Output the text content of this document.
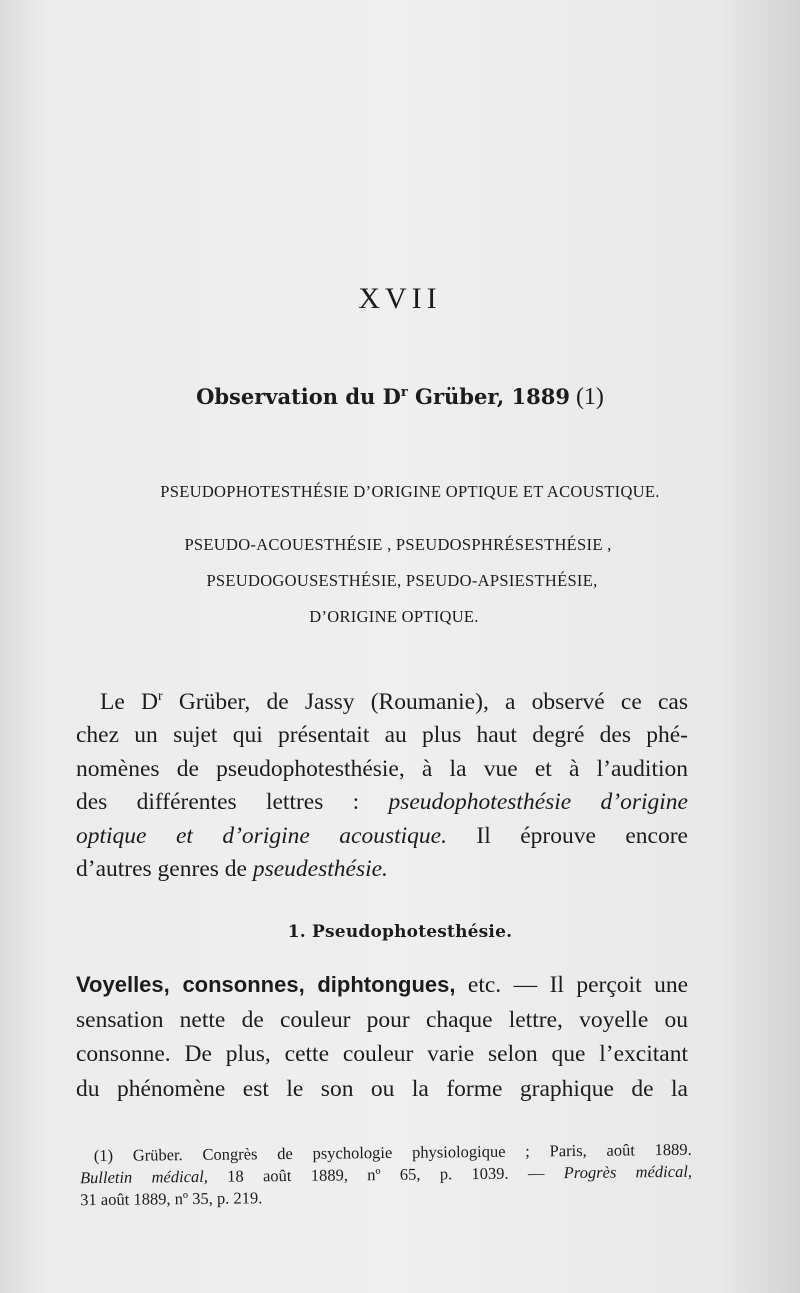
XVII
Observation du $D^r$ Grüber, 1889 (1)
PSEUDOPHOTESTHÉSIE D’ORIGINE OPTIQUE ET ACOUSTIQUE.
PSEUDO-ACOUESTHÉSIE , PSEUDOSPHRÉSESTHÉSIE ,
PSEUDOGOUSESTHÉSIE, PSEUDO-APSIESTHÉSIE,
D’ORIGINE OPTIQUE.
Le $D^r$ Grüber, de Jassy (Roumanie), a observé ce cas
chez un sujet qui présentait au plus haut degré des phé-
nomènes de pseudophotesthésie, à la vue et à l’audition
des différentes lettres : pseudophotesthésie d’origine
optique et d’origine acoustique. Il éprouve encore
d’autres genres de pseudesthésie.
1. Pseudophotesthésie.
Voyelles, consonnes, diphtongues, etc. — Il perçoit une
sensation nette de couleur pour chaque lettre, voyelle ou
consonne. De plus, cette couleur varie selon que l’excitant
du phénomène est le son ou la forme graphique de la
(1) Grüber. Congrès de psychologie physiologique ; Paris, août 1889.
Bulletin médical, 18 août 1889, nº 65, p. 1039. — Progrès médical,
31 août 1889, nº 35, p. 219.
